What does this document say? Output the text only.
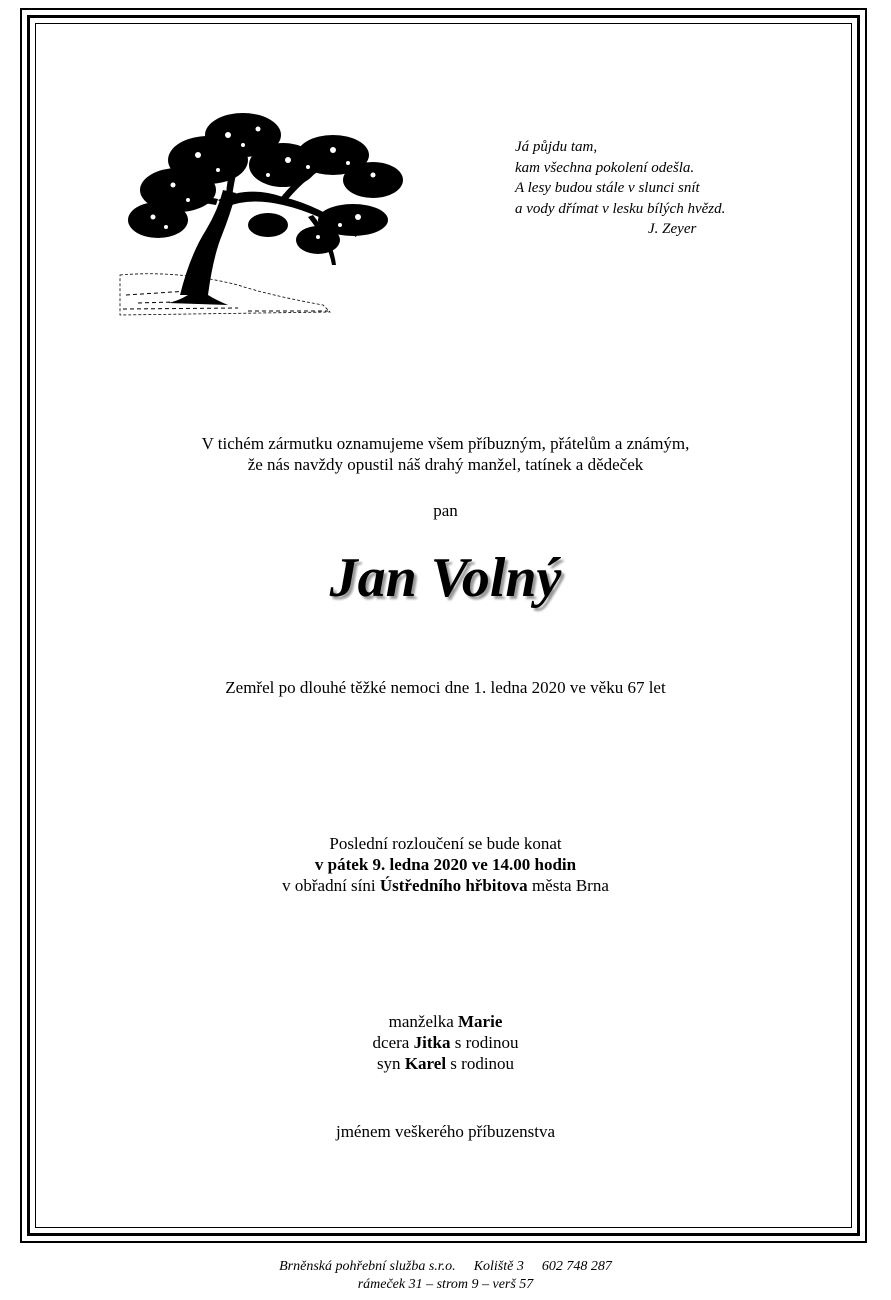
Já půjdu tam,
kam všechna pokolení odešla.
A lesy budou stále v slunci snít
a vody dřímat v lesku bílých hvězd.
J. Zeyer
V tichém zármutku oznamujeme všem příbuzným, přátelům a známým,
že nás navždy opustil náš drahý manžel, tatínek a dědeček
pan
Jan Volný
Zemřel po dlouhé těžké nemoci dne 1. ledna 2020 ve věku 67 let
Poslední rozloučení se bude konat
v pátek 9. ledna 2020 ve 14.00 hodin
v obřadní síni Ústředního hřbitova města Brna
manželka Marie
dcera Jitka s rodinou
syn Karel s rodinou
jménem veškerého příbuzenstva
Brněnská pohřební služba s.r.o. Koliště 3 602 748 287
rámeček 31 – strom 9 – verš 57
